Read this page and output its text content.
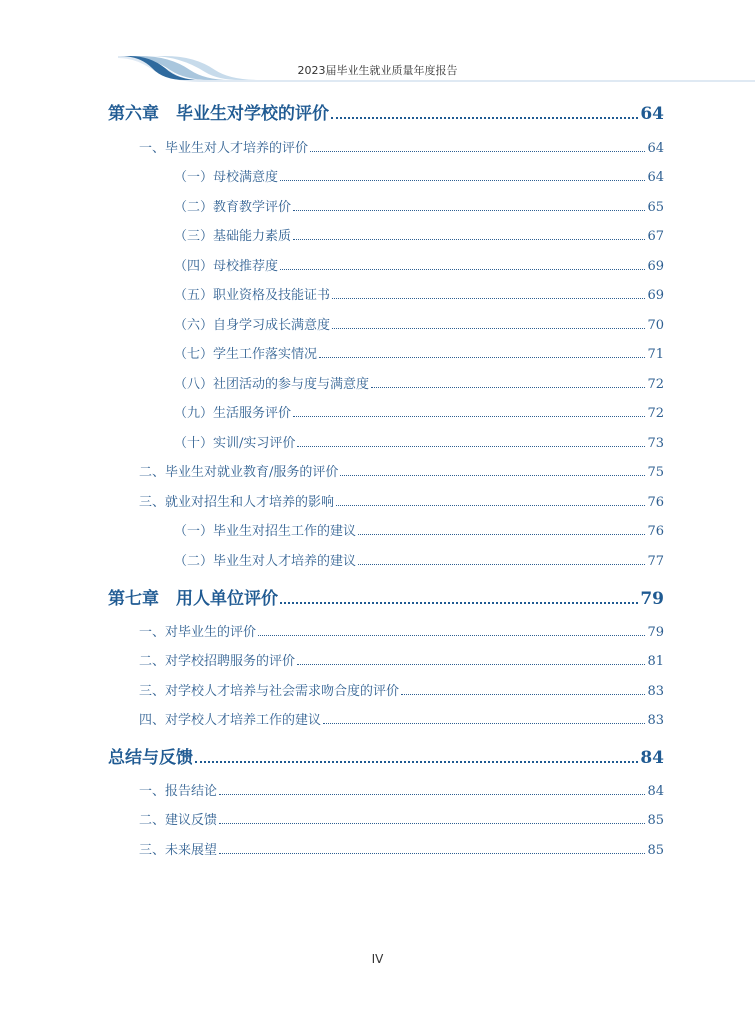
2023届毕业生就业质量年度报告
第六章　毕业生对学校的评价	64
一、毕业生对人才培养的评价	64
（一）母校满意度	64
（二）教育教学评价	65
（三）基础能力素质	67
（四）母校推荐度	69
（五）职业资格及技能证书	69
（六）自身学习成长满意度	70
（七）学生工作落实情况	71
（八）社团活动的参与度与满意度	72
（九）生活服务评价	72
（十）实训/实习评价	73
二、毕业生对就业教育/服务的评价	75
三、就业对招生和人才培养的影响	76
（一）毕业生对招生工作的建议	76
（二）毕业生对人才培养的建议	77
第七章　用人单位评价	79
一、对毕业生的评价	79
二、对学校招聘服务的评价	81
三、对学校人才培养与社会需求吻合度的评价	83
四、对学校人才培养工作的建议	83
总结与反馈	84
一、报告结论	84
二、建议反馈	85
三、未来展望	85
IV
